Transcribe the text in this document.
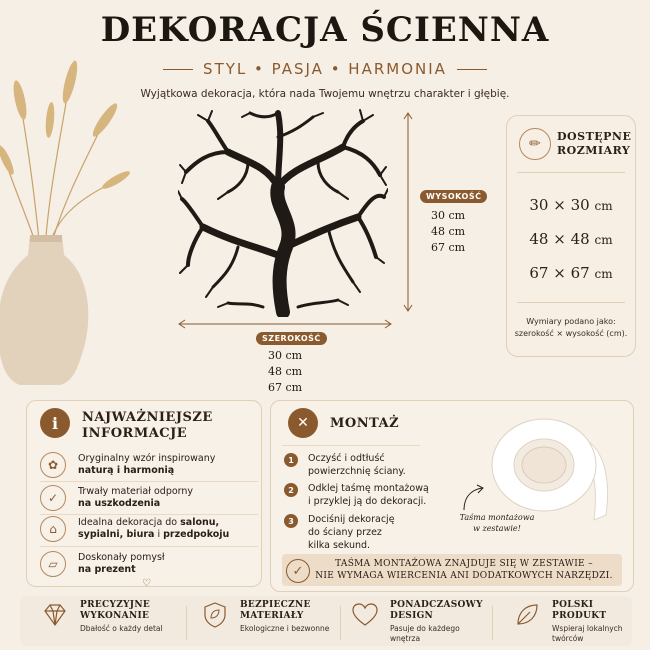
DEKORACJA ŚCIENNA
STYL • PASJA • HARMONIA
Wyjątkowa dekoracja, która nada Twojemu wnętrzu charakter i głębię.
WYSOKOŚĆ
30 cm
48 cm
67 cm
SZEROKOŚĆ
30 cm
48 cm
67 cm
✏	DOSTĘPNE
ROZMIARY
30 × 30 cm
48 × 48 cm
67 × 67 cm
Wymiary podano jako:
szerokość × wysokość (cm).
i	NAJWAŻNIEJSZE
INFORMACJE
✿	Oryginalny wzór inspirowany
naturą i harmonią
✓	Trwały materiał odporny
na uszkodzenia
⌂	Idealna dekoracja do salonu,
sypialni, biura i przedpokoju
▱	Doskonały pomysł
na prezent
♡
✕	MONTAŻ
1	Oczyść i odtłuść
powierzchnię ściany.
2	Odklej taśmę montażową
i przyklej ją do dekoracji.
3	Dociśnij dekorację
do ściany przez
kilka sekund.
Taśma montażowa
w zestawie!
✓	TAŚMA MONTAŻOWA ZNAJDUJE SIĘ W ZESTAWIE –
NIE WYMAGA WIERCENIA ANI DODATKOWYCH NARZĘDZI.
PRECYZYJNE
WYKONANIE
Dbałość o każdy detal
BEZPIECZNE
MATERIAŁY
Ekologiczne i bezwonne
PONADCZASOWY
DESIGN
Pasuje do każdego wnętrza
POLSKI
PRODUKT
Wspieraj lokalnych
twórców
